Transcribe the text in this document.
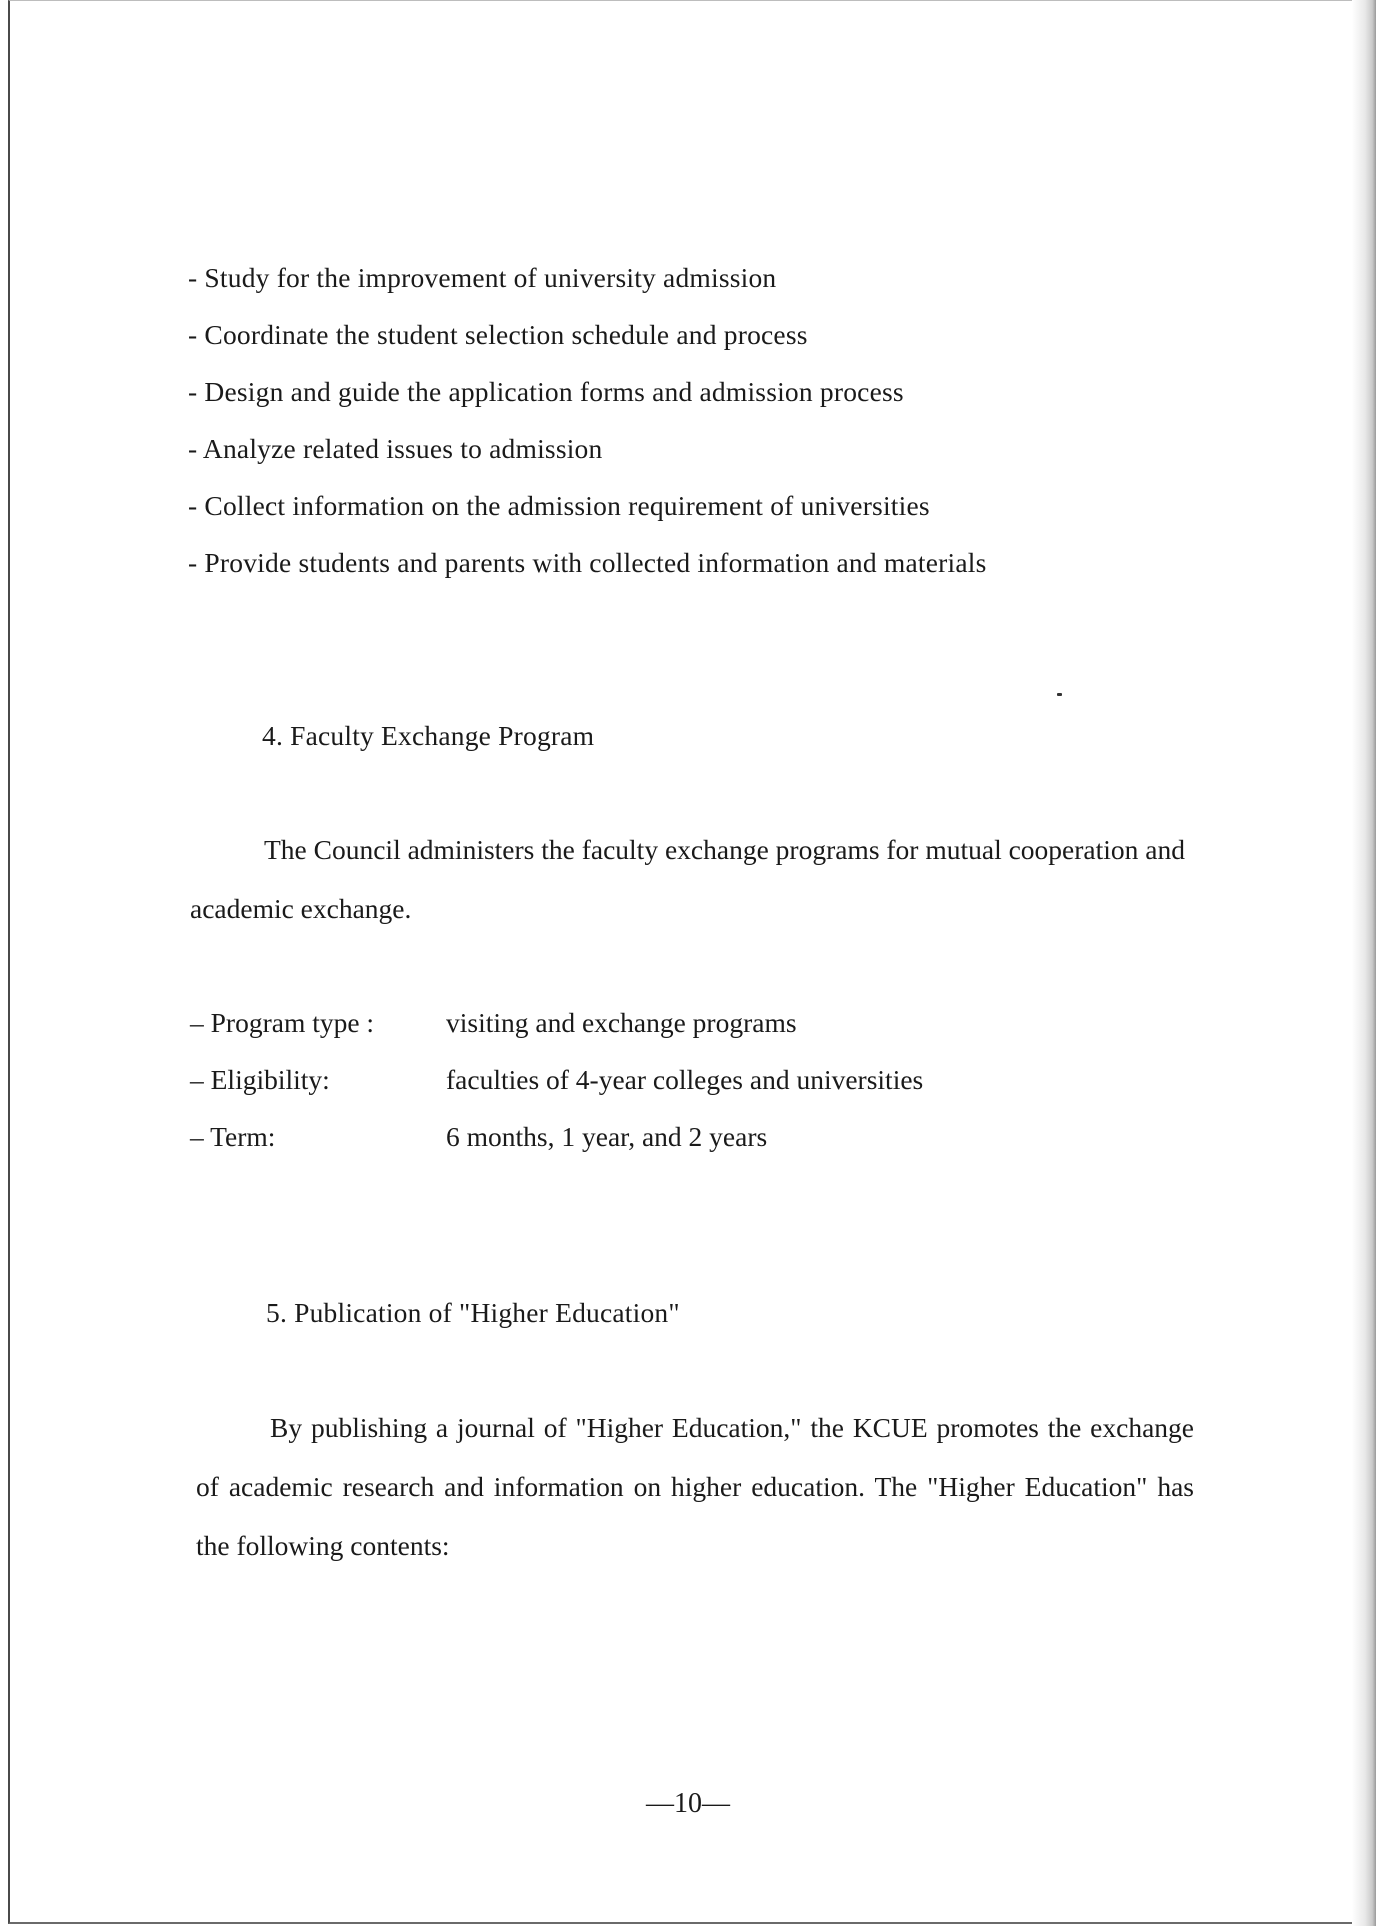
- Study for the improvement of university admission

- Coordinate the student selection schedule and process

- Design and guide the application forms and admission process

- Analyze related issues to admission

- Collect information on the admission requirement of universities

- Provide students and parents with collected information and materials

4. Faculty Exchange Program

The Council administers the faculty exchange programs for mutual cooperation and academic exchange.

– Program type :	visiting and exchange programs
– Eligibility:	faculties of 4-year colleges and universities
– Term:	6 months, 1 year, and 2 years
5. Publication of "Higher Education"

By publishing a journal of "Higher Education," the KCUE promotes the exchange of academic research and information on higher education. The "Higher Education" has the following contents:

—10—
